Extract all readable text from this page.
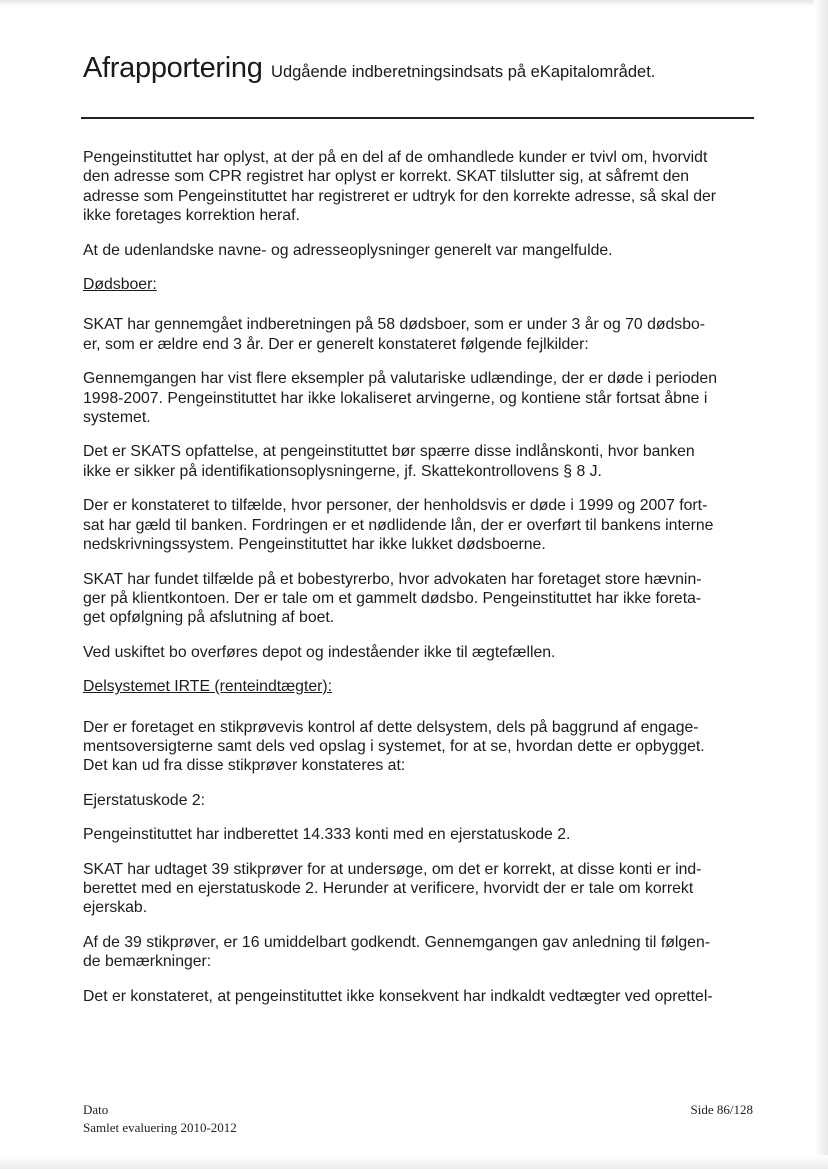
Afrapportering Udgående indberetningsindsats på eKapitalområdet.

Pengeinstituttet har oplyst, at der på en del af de omhandlede kunder er tvivl om, hvorvidt
den adresse som CPR registret har oplyst er korrekt. SKAT tilslutter sig, at såfremt den
adresse som Pengeinstituttet har registreret er udtryk for den korrekte adresse, så skal der
ikke foretages korrektion heraf.

At de udenlandske navne- og adresseoplysninger generelt var mangelfulde.

Dødsboer:

SKAT har gennemgået indberetningen på 58 dødsboer, som er under 3 år og 70 dødsbo-
er, som er ældre end 3 år. Der er generelt konstateret følgende fejlkilder:

Gennemgangen har vist flere eksempler på valutariske udlændinge, der er døde i perioden
1998-2007. Pengeinstituttet har ikke lokaliseret arvingerne, og kontiene står fortsat åbne i
systemet.

Det er SKATS opfattelse, at pengeinstituttet bør spærre disse indlånskonti, hvor banken
ikke er sikker på identifikationsoplysningerne, jf. Skattekontrollovens § 8 J.

Der er konstateret to tilfælde, hvor personer, der henholdsvis er døde i 1999 og 2007 fort-
sat har gæld til banken. Fordringen er et nødlidende lån, der er overført til bankens interne
nedskrivningssystem. Pengeinstituttet har ikke lukket dødsboerne.

SKAT har fundet tilfælde på et bobestyrerbo, hvor advokaten har foretaget store hævnin-
ger på klientkontoen. Der er tale om et gammelt dødsbo. Pengeinstituttet har ikke foreta-
get opfølgning på afslutning af boet.

Ved uskiftet bo overføres depot og indeståender ikke til ægtefællen.

Delsystemet IRTE (renteindtægter):

Der er foretaget en stikprøvevis kontrol af dette delsystem, dels på baggrund af engage-
mentsoversigterne samt dels ved opslag i systemet, for at se, hvordan dette er opbygget.
Det kan ud fra disse stikprøver konstateres at:

Ejerstatuskode 2:

Pengeinstituttet har indberettet 14.333 konti med en ejerstatuskode 2.

SKAT har udtaget 39 stikprøver for at undersøge, om det er korrekt, at disse konti er ind-
berettet med en ejerstatuskode 2. Herunder at verificere, hvorvidt der er tale om korrekt
ejerskab.

Af de 39 stikprøver, er 16 umiddelbart godkendt. Gennemgangen gav anledning til følgen-
de bemærkninger:

Det er konstateret, at pengeinstituttet ikke konsekvent har indkaldt vedtægter ved oprettel-

Dato
Samlet evaluering 2010-2012
Side 86/128
